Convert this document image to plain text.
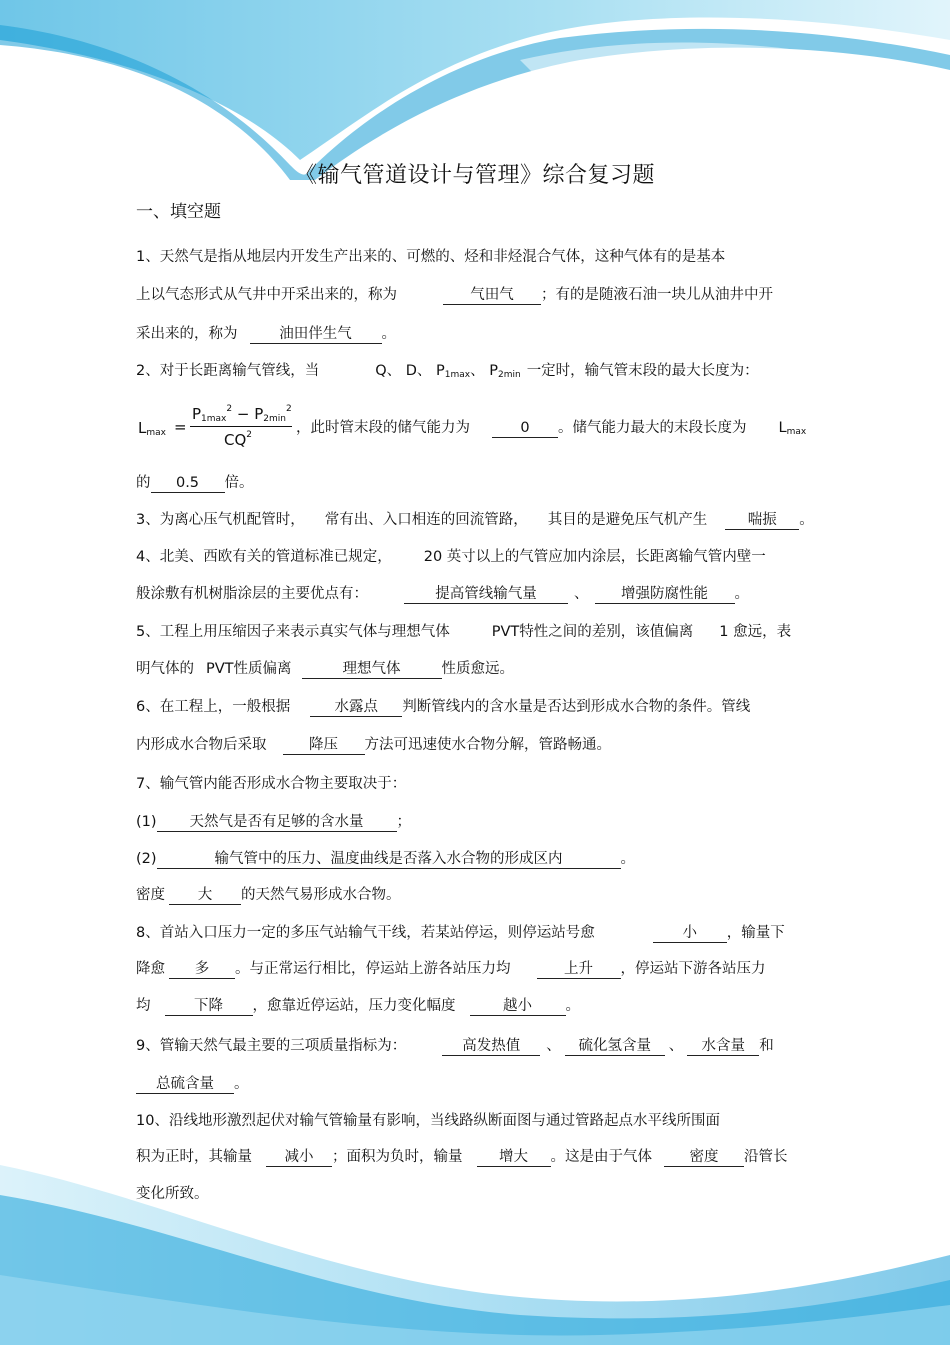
《输气管道设计与管理》综合复习题
一、填空题
1、天然气是指从地层内开发生产出来的、可燃的、烃和非烃混合气体，这种气体有的是基本
上以气态形式从气井中开采出来的，称为	气田气 ；有的是随液石油一块儿从油井中开
采出来的，称为	油田伴生气 。
2、对于长距离输气管线，当	Q、 D、 $P_{1max}$、 $P_{2min}$ 一定时，输气管末段的最大长度为：
$L_{max}$ =
$P_{1max}^2 - P_{2min}^2$
$CQ^2$	，此时管末段的储气能力为	0 。储气能力最大的末段长度为 $L_{max}$
的 0.5 倍。
3、为离心压气机配管时， 常有出、入口相连的回流管路， 其目的是避免压气机产生	喘振 。
4、北美、西欧有关的管道标准已规定， 20 英寸以上的气管应加内涂层，长距离输气管内壁一
般涂敷有机树脂涂层的主要优点有：	提高管线输气量	、 增强防腐性能 。
5、工程上用压缩因子来表示真实气体与理想气体	PVT特性之间的差别，该值偏离 1 愈远，表
明气体的 PVT性质偏离	理想气体	性质愈远。
6、在工程上，一般根据	水露点 判断管线内的含水量是否达到形成水合物的条件。管线
内形成水合物后采取	降压 方法可迅速使水合物分解，管路畅通。
7、输气管内能否形成水合物主要取决于：
(1) 天然气是否有足够的含水量 ；
(2)	输气管中的压力、温度曲线是否落入水合物的形成区内	。
密度 大 的天然气易形成水合物。
8、首站入口压力一定的多压气站输气干线，若某站停运，则停运站号愈	小 ，输量下
降愈 多 。与正常运行相比，停运站上游各站压力均	上升 ，停运站下游各站压力
均	下降 ，愈靠近停运站，压力变化幅度	越小 。
9、管输天然气最主要的三项质量指标为：	高发热值 、 硫化氢含量 、 水含量 和
总硫含量 。
10、沿线地形激烈起伏对输气管输量有影响，当线路纵断面图与通过管路起点水平线所围面
积为正时，其输量 减小 ；面积为负时，输量	增大 。这是由于气体	密度 沿管长
变化所致。
